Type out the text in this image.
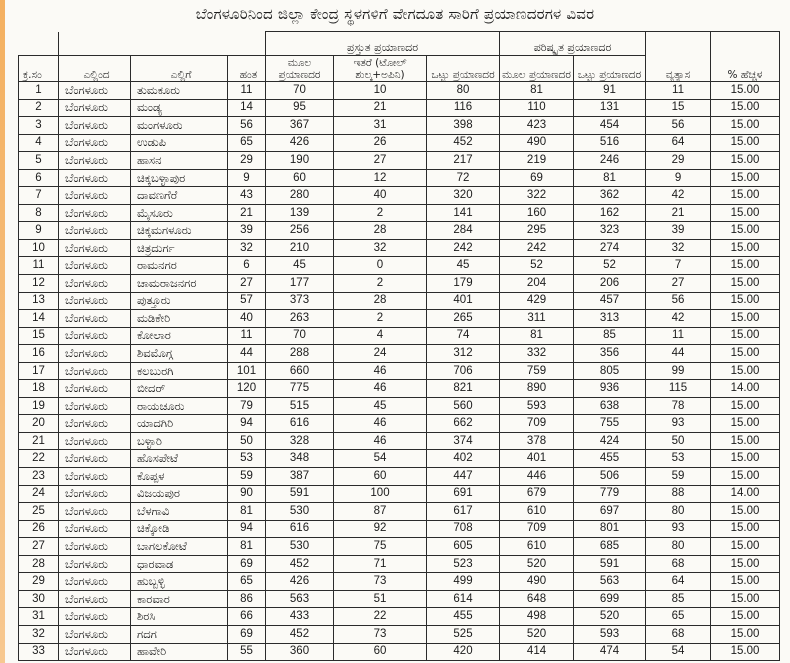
ಬೆಂಗಳೂರಿನಿಂದ ಜಿಲ್ಲಾ ಕೇಂದ್ರ ಸ್ಥಳಗಳಿಗೆ ವೇಗದೂತ ಸಾರಿಗೆ ಪ್ರಯಾಣದರಗಳ ವಿವರ
				ಪ್ರಸ್ತುತ ಪ್ರಯಾಣದರ			ಪರಿಷ್ಕೃತ ಪ್ರಯಾಣದರ			
ಕ್ರ.ಸಂ	ಎಲ್ಲಿಂದ	ಎಲ್ಲಿಗೆ	ಹಂತ	ಮೂಲ ಪ್ರಯಾಣದರ	ಇತರೆ (ಟೋಲ್ ಶುಲ್ಕ+ಅಪಿನಿ)	ಒಟ್ಟು ಪ್ರಯಾಣದರ	ಮೂಲ ಪ್ರಯಾಣದರ	ಒಟ್ಟು ಪ್ರಯಾಣದರ	ವ್ಯತ್ಯಾಸ	% ಹೆಚ್ಚಳ
1	ಬೆಂಗಳೂರು	ತುಮಕೂರು	11	70	10	80	81	91	11	15.00
2	ಬೆಂಗಳೂರು	ಮಂಡ್ಯ	14	95	21	116	110	131	15	15.00
3	ಬೆಂಗಳೂರು	ಮಂಗಳೂರು	56	367	31	398	423	454	56	15.00
4	ಬೆಂಗಳೂರು	ಉಡುಪಿ	65	426	26	452	490	516	64	15.00
5	ಬೆಂಗಳೂರು	ಹಾಸನ	29	190	27	217	219	246	29	15.00
6	ಬೆಂಗಳೂರು	ಚಿಕ್ಕಬಳ್ಳಾಪುರ	9	60	12	72	69	81	9	15.00
7	ಬೆಂಗಳೂರು	ದಾವಣಗೆರೆ	43	280	40	320	322	362	42	15.00
8	ಬೆಂಗಳೂರು	ಮೈಸೂರು	21	139	2	141	160	162	21	15.00
9	ಬೆಂಗಳೂರು	ಚಿಕ್ಕಮಗಳೂರು	39	256	28	284	295	323	39	15.00
10	ಬೆಂಗಳೂರು	ಚಿತ್ರದುರ್ಗ	32	210	32	242	242	274	32	15.00
11	ಬೆಂಗಳೂರು	ರಾಮನಗರ	6	45	0	45	52	52	7	15.00
12	ಬೆಂಗಳೂರು	ಚಾಮರಾಜನಗರ	27	177	2	179	204	206	27	15.00
13	ಬೆಂಗಳೂರು	ಪುತ್ತೂರು	57	373	28	401	429	457	56	15.00
14	ಬೆಂಗಳೂರು	ಮಡಿಕೇರಿ	40	263	2	265	311	313	42	15.00
15	ಬೆಂಗಳೂರು	ಕೋಲಾರ	11	70	4	74	81	85	11	15.00
16	ಬೆಂಗಳೂರು	ಶಿವಮೊಗ್ಗ	44	288	24	312	332	356	44	15.00
17	ಬೆಂಗಳೂರು	ಕಲಬುರಗಿ	101	660	46	706	759	805	99	15.00
18	ಬೆಂಗಳೂರು	ಬೀದರ್	120	775	46	821	890	936	115	14.00
19	ಬೆಂಗಳೂರು	ರಾಯಚೂರು	79	515	45	560	593	638	78	15.00
20	ಬೆಂಗಳೂರು	ಯಾದಗಿರಿ	94	616	46	662	709	755	93	15.00
21	ಬೆಂಗಳೂರು	ಬಳ್ಳಾರಿ	50	328	46	374	378	424	50	15.00
22	ಬೆಂಗಳೂರು	ಹೊಸಪೇಟೆ	53	348	54	402	401	455	53	15.00
23	ಬೆಂಗಳೂರು	ಕೊಪ್ಪಳ	59	387	60	447	446	506	59	15.00
24	ಬೆಂಗಳೂರು	ವಿಜಯಪುರ	90	591	100	691	679	779	88	14.00
25	ಬೆಂಗಳೂರು	ಬೆಳಗಾವಿ	81	530	87	617	610	697	80	15.00
26	ಬೆಂಗಳೂರು	ಚಿಕ್ಕೋಡಿ	94	616	92	708	709	801	93	15.00
27	ಬೆಂಗಳೂರು	ಬಾಗಲಕೋಟೆ	81	530	75	605	610	685	80	15.00
28	ಬೆಂಗಳೂರು	ಧಾರವಾಡ	69	452	71	523	520	591	68	15.00
29	ಬೆಂಗಳೂರು	ಹುಬ್ಬಳ್ಳಿ	65	426	73	499	490	563	64	15.00
30	ಬೆಂಗಳೂರು	ಕಾರವಾರ	86	563	51	614	648	699	85	15.00
31	ಬೆಂಗಳೂರು	ಶಿರಸಿ	66	433	22	455	498	520	65	15.00
32	ಬೆಂಗಳೂರು	ಗದಗ	69	452	73	525	520	593	68	15.00
33	ಬೆಂಗಳೂರು	ಹಾವೇರಿ	55	360	60	420	414	474	54	15.00
